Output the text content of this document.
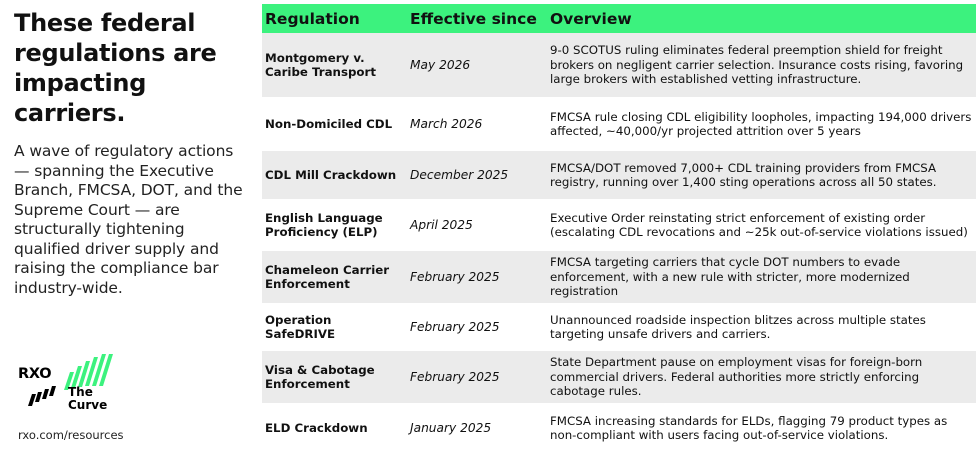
These federal regulations are impacting carriers.
A wave of regulatory actions — spanning the Executive Branch, FMCSA, DOT, and the Supreme Court — are structurally tightening qualified driver supply and raising the compliance bar industry-wide.
RXO
The
Curve
rxo.com/resources
Regulation	Effective since	Overview
Montgomery v. Caribe Transport	May 2026	9-0 SCOTUS ruling eliminates federal preemption shield for freight brokers on negligent carrier selection. Insurance costs rising, favoring large brokers with established vetting infrastructure.
Non-Domiciled CDL	March 2026	FMCSA rule closing CDL eligibility loopholes, impacting 194,000 drivers affected, ~40,000/yr projected attrition over 5 years
CDL Mill Crackdown	December 2025	FMCSA/DOT removed 7,000+ CDL training providers from FMCSA registry, running over 1,400 sting operations across all 50 states.
English Language Proficiency (ELP)	April 2025	Executive Order reinstating strict enforcement of existing order (escalating CDL revocations and ~25k out-of-service violations issued)
Chameleon Carrier Enforcement	February 2025	FMCSA targeting carriers that cycle DOT numbers to evade enforcement, with a new rule with stricter, more modernized registration
Operation SafeDRIVE	February 2025	Unannounced roadside inspection blitzes across multiple states targeting unsafe drivers and carriers.
Visa & Cabotage Enforcement	February 2025	State Department pause on employment visas for foreign-born commercial drivers. Federal authorities more strictly enforcing cabotage rules.
ELD Crackdown	January 2025	FMCSA increasing standards for ELDs, flagging 79 product types as non-compliant with users facing out-of-service violations.
